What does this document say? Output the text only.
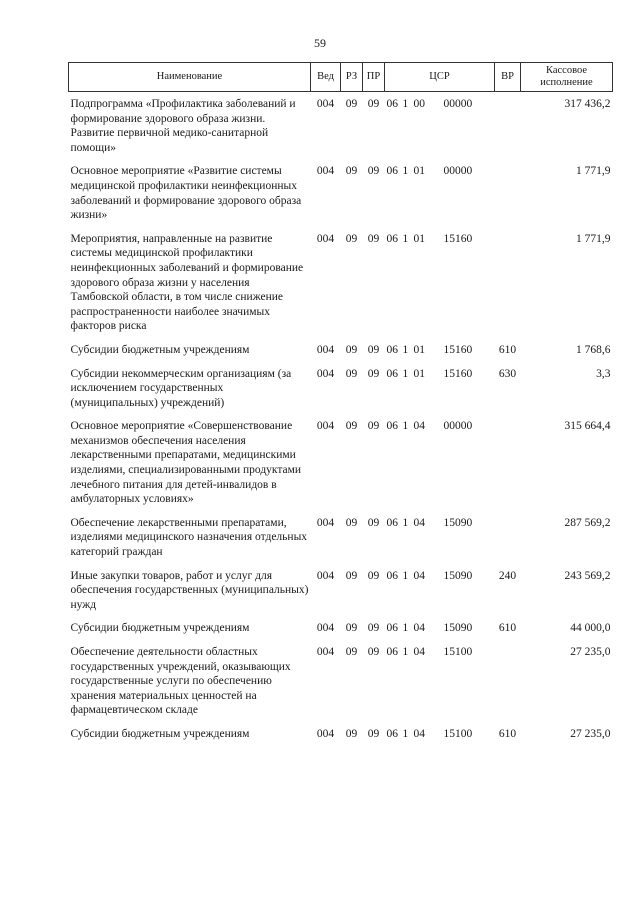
59
Наименование	Вед	РЗ	ПР	ЦСР	ВР	Кассовое исполнение
Подпрограмма «Профилактика заболеваний и формирование здорового образа жизни. Развитие первичной медико-санитарной помощи»	004	09	09	06 1 00 00000		317 436,2
Основное мероприятие «Развитие системы медицинской профилактики неинфекционных заболеваний и формирование здорового образа жизни»	004	09	09	06 1 01 00000		1 771,9
Мероприятия, направленные на развитие системы медицинской профилактики неинфекционных заболеваний и формирование здорового образа жизни у населения Тамбовской области, в том числе снижение распространенности наиболее значимых факторов риска	004	09	09	06 1 01 15160		1 771,9
Субсидии бюджетным учреждениям	004	09	09	06 1 01 15160	610	1 768,6
Субсидии некоммерческим организациям (за исключением государственных (муниципальных) учреждений)	004	09	09	06 1 01 15160	630	3,3
Основное мероприятие «Совершенствование механизмов обеспечения населения лекарственными препаратами, медицинскими изделиями, специализированными продуктами лечебного питания для детей-инвалидов в амбулаторных условиях»	004	09	09	06 1 04 00000		315 664,4
Обеспечение лекарственными препаратами, изделиями медицинского назначения отдельных категорий граждан	004	09	09	06 1 04 15090		287 569,2
Иные закупки товаров, работ и услуг для обеспечения государственных (муниципальных) нужд	004	09	09	06 1 04 15090	240	243 569,2
Субсидии бюджетным учреждениям	004	09	09	06 1 04 15090	610	44 000,0
Обеспечение деятельности областных государственных учреждений, оказывающих государственные услуги по обеспечению хранения материальных ценностей на фармацевтическом складе	004	09	09	06 1 04 15100		27 235,0
Субсидии бюджетным учреждениям	004	09	09	06 1 04 15100	610	27 235,0
